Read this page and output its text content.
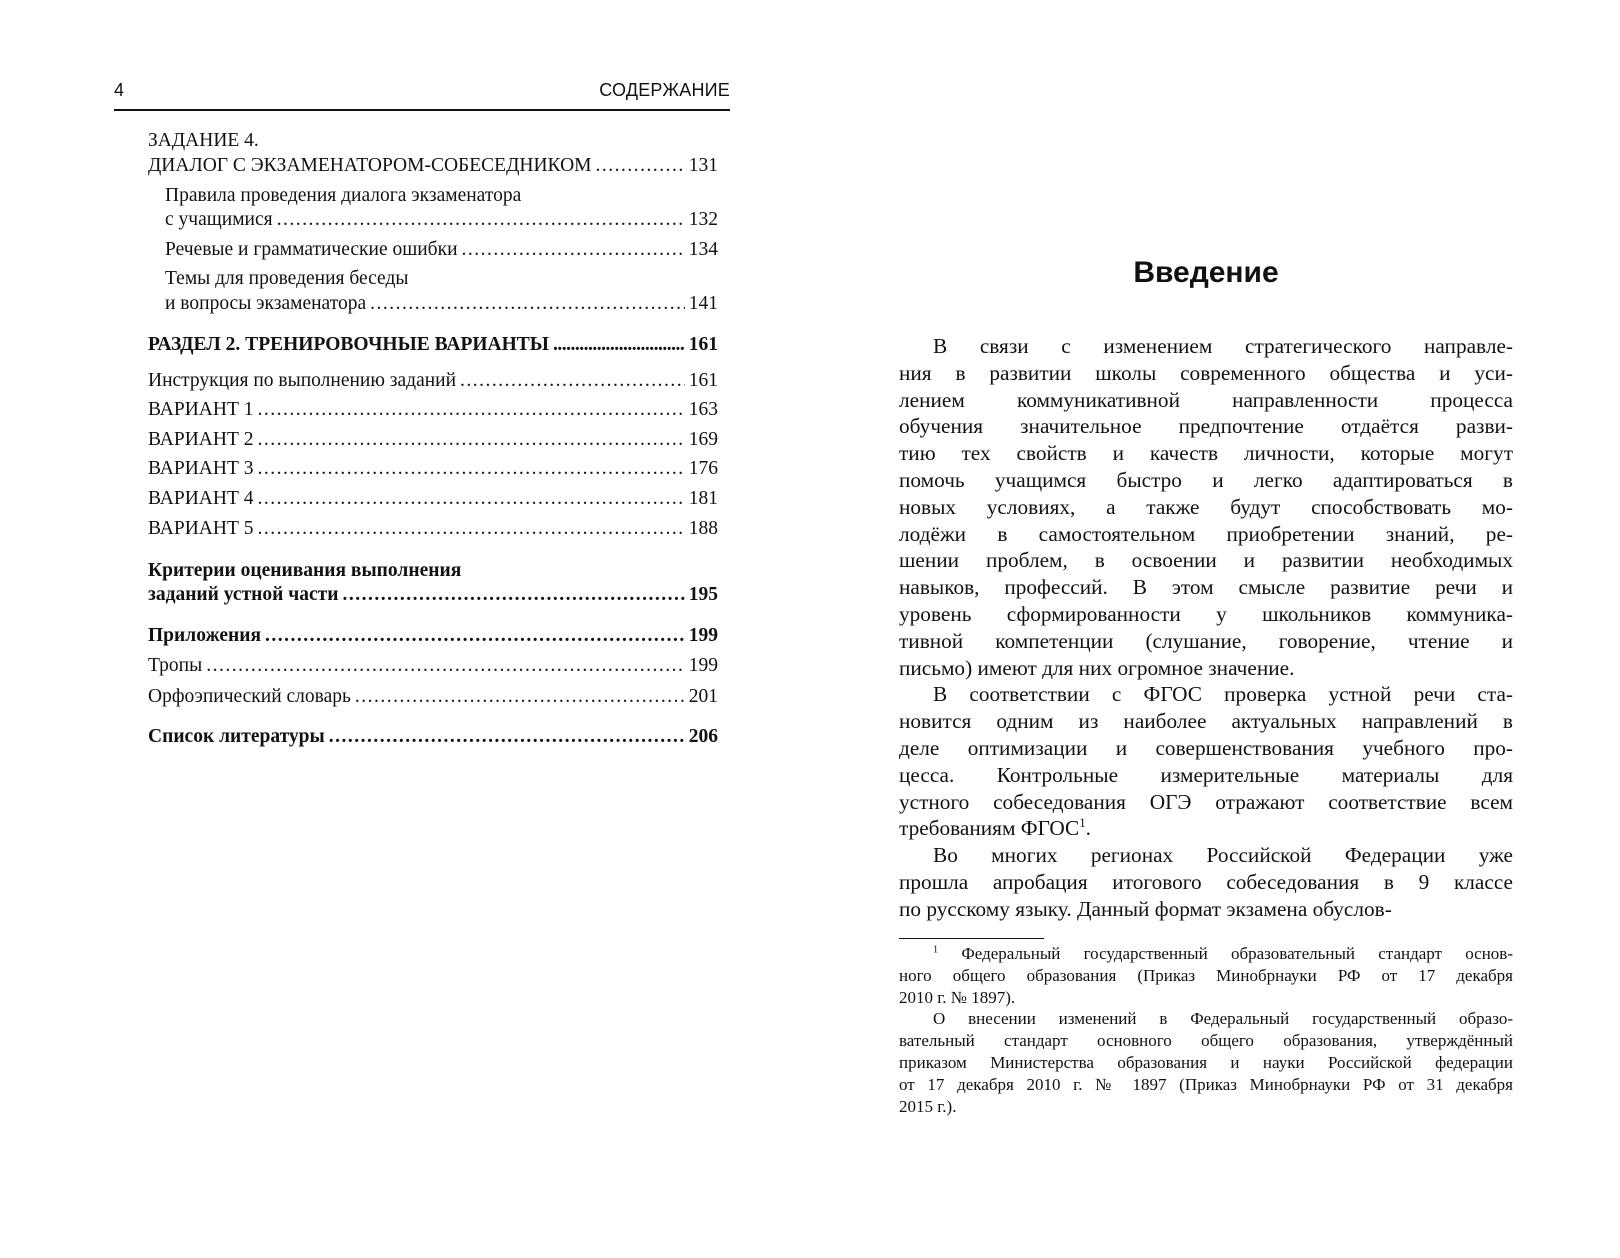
4	СОДЕРЖАНИЕ
ЗАДАНИЕ 4.
ДИАЛОГ С ЭКЗАМЕНАТОРОМ-СОБЕСЕДНИКОМ .....	131
Правила проведения диалога экзаменатора
с учащимися .....	132
Речевые и грамматические ошибки .....	134
Темы для проведения беседы
и вопросы экзаменатора .....	141
РАЗДЕЛ 2. ТРЕНИРОВОЧНЫЕ ВАРИАНТЫ .....	161
Инструкция по выполнению заданий .....	161
ВАРИАНТ 1 .....	163
ВАРИАНТ 2 .....	169
ВАРИАНТ 3 .....	176
ВАРИАНТ 4 .....	181
ВАРИАНТ 5 .....	188
Критерии оценивания выполнения
заданий устной части .....	195
Приложения .....	199
Тропы .....	199
Орфоэпический словарь .....	201
Список литературы .....	206
Введение
В связи с изменением стратегического направле-
ния в развитии школы современного общества и уси-
лением коммуникативной направленности процесса
обучения значительное предпочтение отдаётся разви-
тию тех свойств и качеств личности, которые могут
помочь учащимся быстро и легко адаптироваться в
новых условиях, а также будут способствовать мо-
лодёжи в самостоятельном приобретении знаний, ре-
шении проблем, в освоении и развитии необходимых
навыков, профессий. В этом смысле развитие речи и
уровень сформированности у школьников коммуника-
тивной компетенции (слушание, говорение, чтение и
письмо) имеют для них огромное значение.
В соответствии с ФГОС проверка устной речи ста-
новится одним из наиболее актуальных направлений в
деле оптимизации и совершенствования учебного про-
цесса. Контрольные измерительные материалы для
устного собеседования ОГЭ отражают соответствие всем
требованиям ФГОС$^1$.
Во многих регионах Российской Федерации уже
прошла апробация итогового собеседования в 9 классе
по русскому языку. Данный формат экзамена обуслов-
$^1$ Федеральный государственный образовательный стандарт основ-
ного общего образования (Приказ Минобрнауки РФ от 17 декабря
2010 г. № 1897).
О внесении изменений в Федеральный государственный образо-
вательный стандарт основного общего образования, утверждённый
приказом Министерства образования и науки Российской федерации
от 17 декабря 2010 г. № 1897 (Приказ Минобрнауки РФ от 31 декабря
2015 г.).
